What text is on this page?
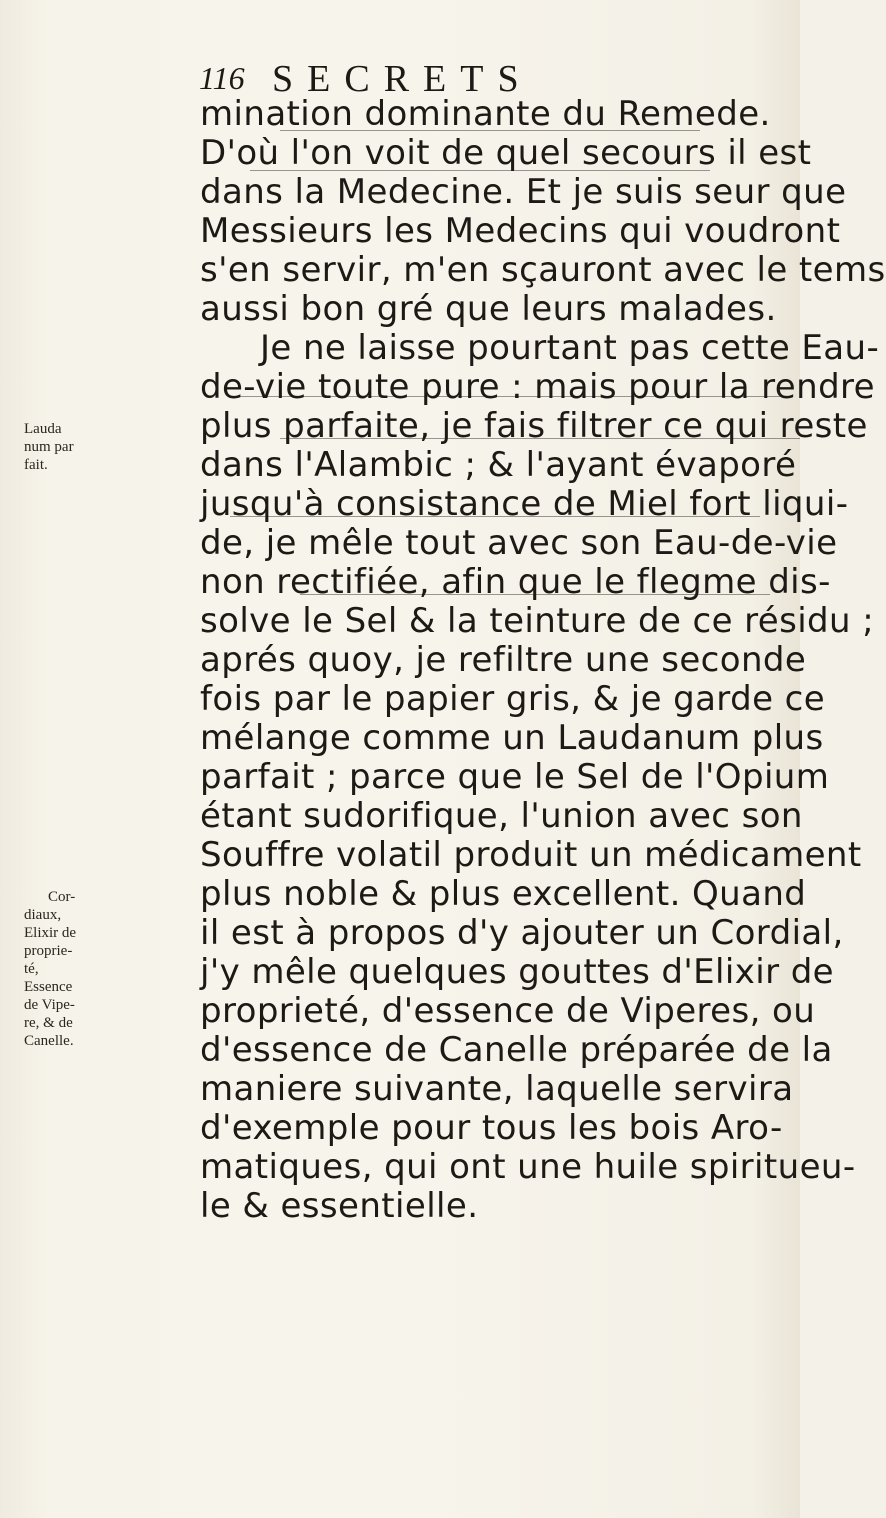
116 SECRETS
mination dominante du Remede.
D'où l'on voit de quel secours il est
dans la Medecine. Et je suis seur que
Messieurs les Medecins qui voudront
s'en servir, m'en sçauront avec le tems
aussi bon gré que leurs malades.
Je ne laisse pourtant pas cette Eau-
de-vie toute pure : mais pour la rendre
plus parfaite, je fais filtrer ce qui reste
dans l'Alambic ; & l'ayant évaporé
jusqu'à consistance de Miel fort liqui-
de, je mêle tout avec son Eau-de-vie
non rectifiée, afin que le flegme dis-
solve le Sel & la teinture de ce résidu ;
aprés quoy, je refiltre une seconde
fois par le papier gris, & je garde ce
mélange comme un Laudanum plus
parfait ; parce que le Sel de l'Opium
étant sudorifique, l'union avec son
Souffre volatil produit un médicament
plus noble & plus excellent. Quand
il est à propos d'y ajouter un Cordial,
j'y mêle quelques gouttes d'Elixir de
proprieté, d'essence de Viperes, ou
d'essence de Canelle préparée de la
maniere suivante, laquelle servira
d'exemple pour tous les bois Aro-
matiques, qui ont une huile spiritueu-
le & essentielle.
Lauda
num par
fait.
Cor-
diaux,
Elixir de
proprie-
té,
Essence
de Vipe-
re, & de
Canelle.
